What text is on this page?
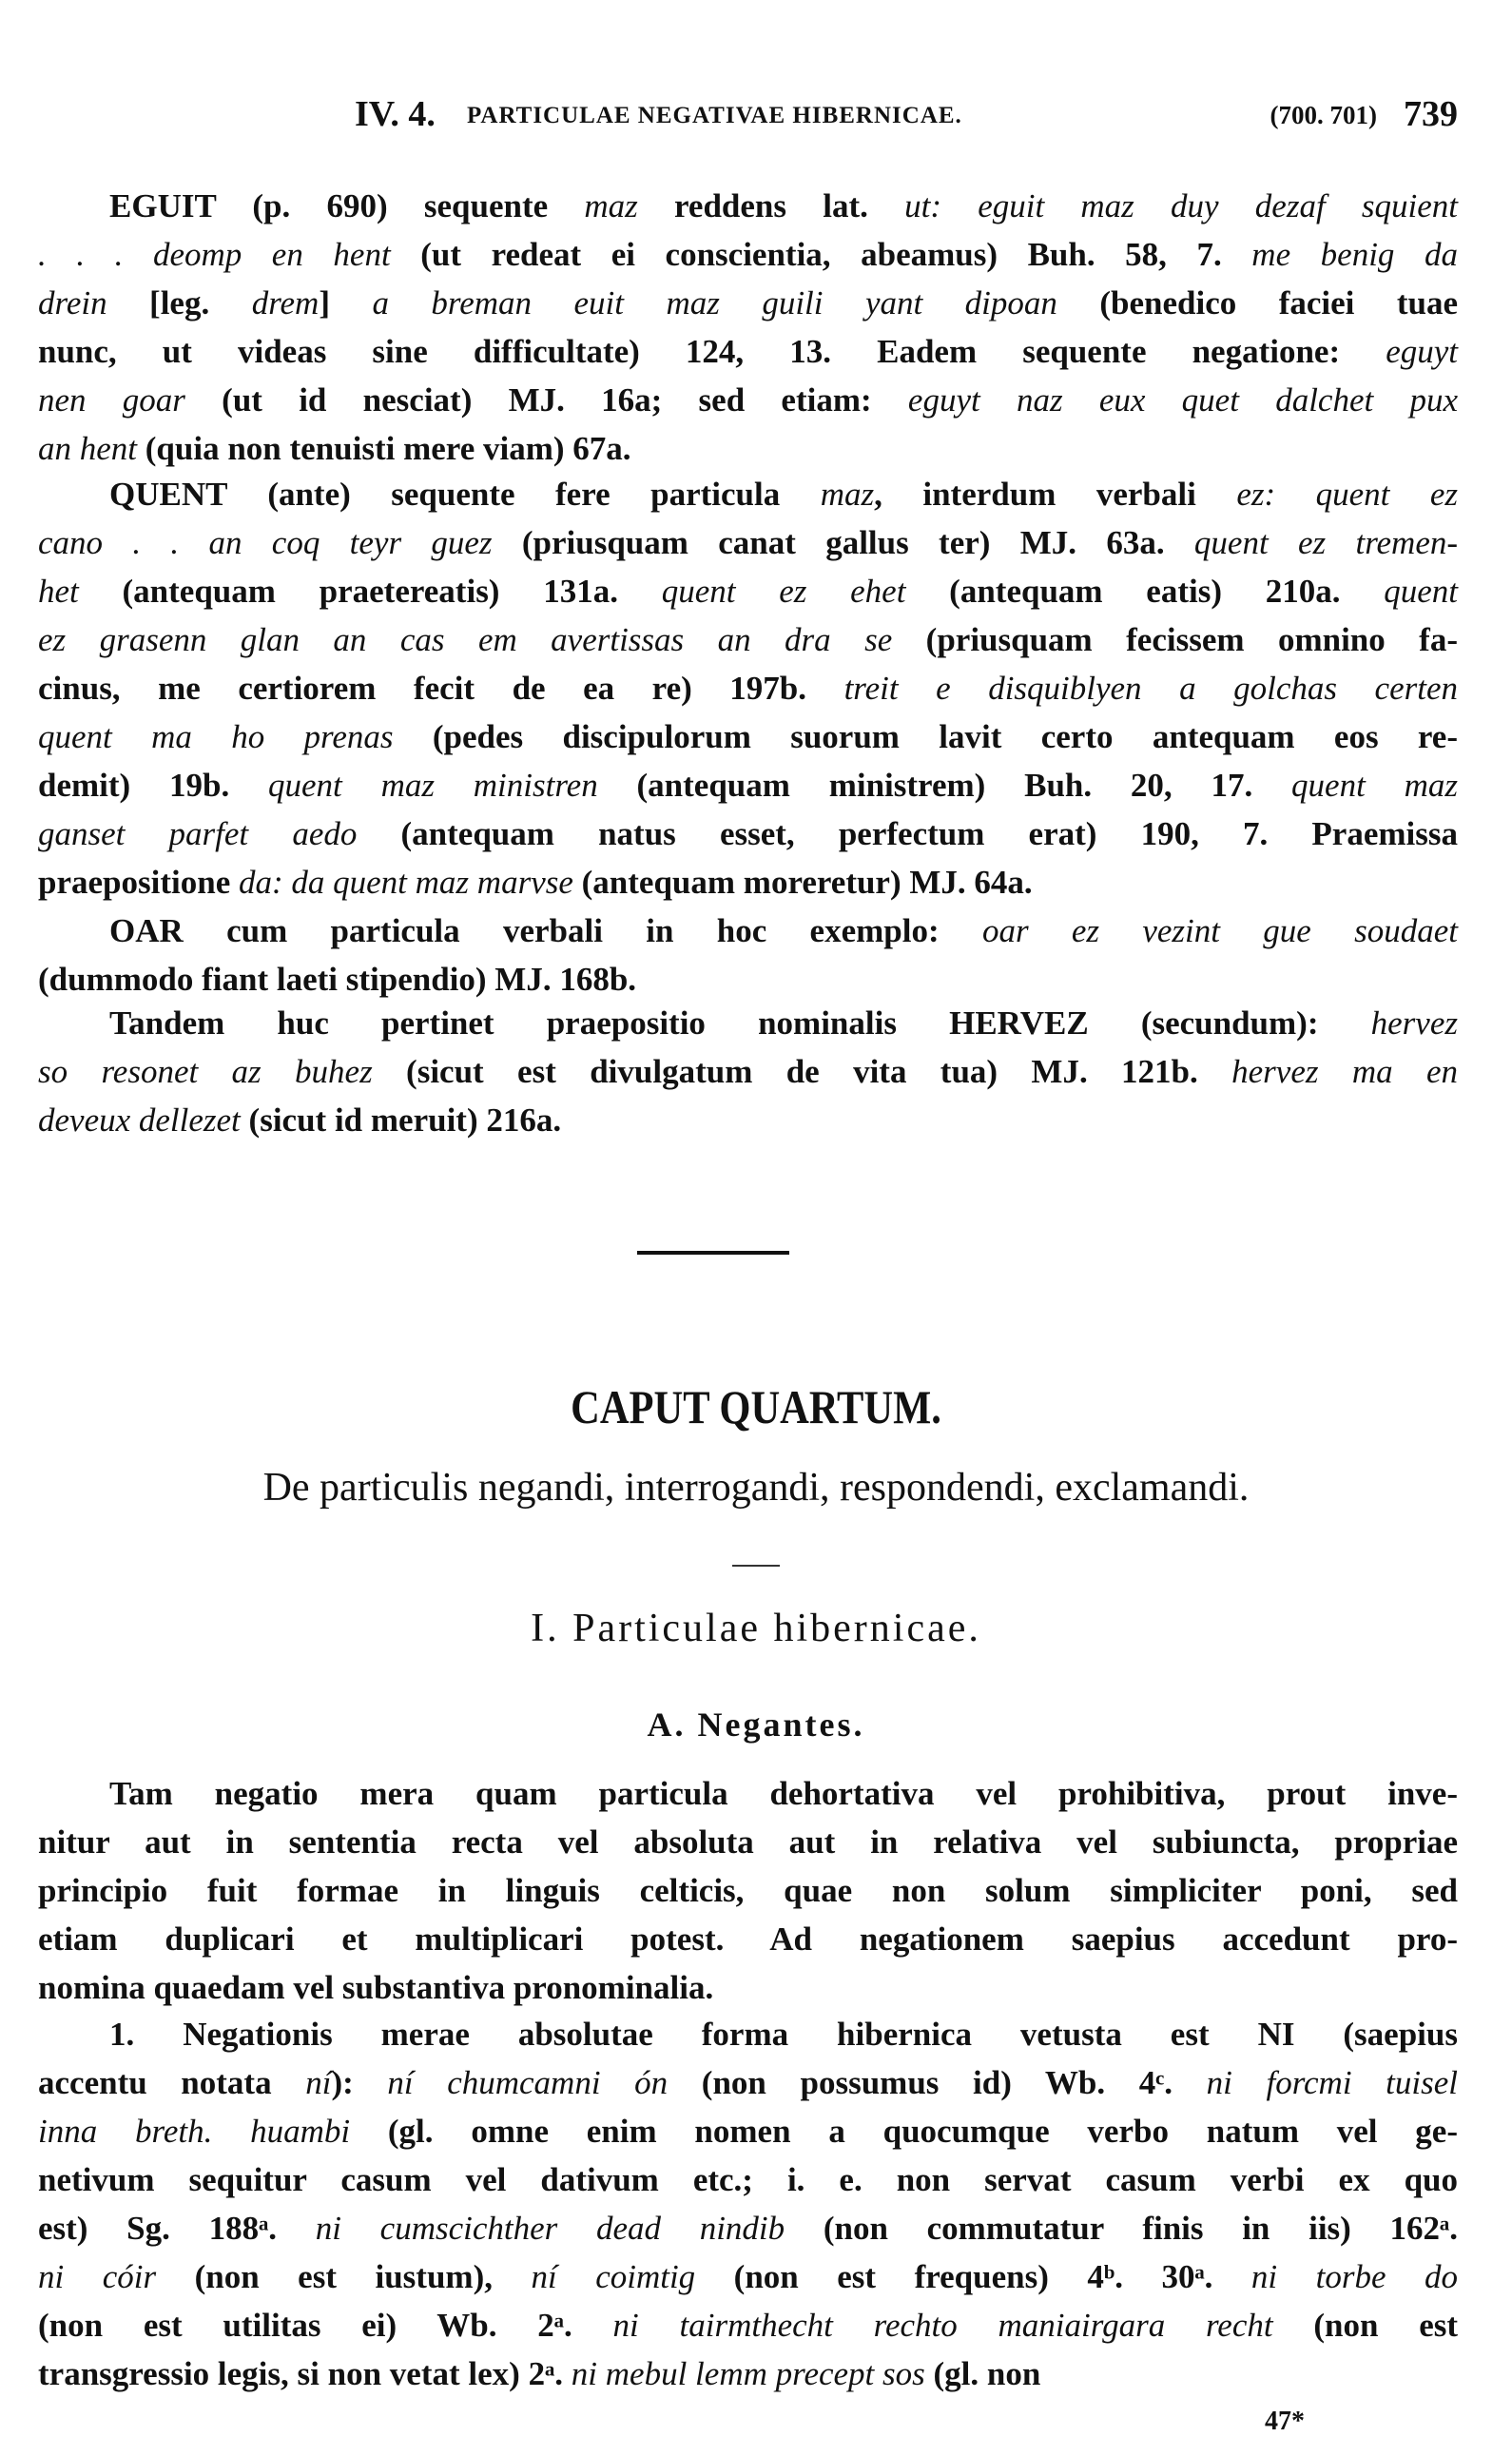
IV. 4. PARTICULAE NEGATIVAE HIBERNICAE.	(700. 701) 739
EGUIT (p. 690) sequente maz reddens lat. ut: eguit maz duy dezaf squient
. . . deomp en hent (ut redeat ei conscientia, abeamus) Buh. 58, 7. me benig da
drein [leg. drem] a breman euit maz guili yant dipoan (benedico faciei tuae
nunc, ut videas sine difficultate) 124, 13. Eadem sequente negatione: eguyt
nen goar (ut id nesciat) MJ. 16a; sed etiam: eguyt naz eux quet dalchet pux
an hent (quia non tenuisti mere viam) 67a.
QUENT (ante) sequente fere particula maz, interdum verbali ez: quent ez
cano . . an coq teyr guez (priusquam canat gallus ter) MJ. 63a. quent ez tremen-
het (antequam praetereatis) 131a. quent ez ehet (antequam eatis) 210a. quent
ez grasenn glan an cas em avertissas an dra se (priusquam fecissem omnino fa-
cinus, me certiorem fecit de ea re) 197b. treit e disquiblyen a golchas certen
quent ma ho prenas (pedes discipulorum suorum lavit certo antequam eos re-
demit) 19b. quent maz ministren (antequam ministrem) Buh. 20, 17. quent maz
ganset parfet aedo (antequam natus esset, perfectum erat) 190, 7. Praemissa
praepositione da: da quent maz marvse (antequam moreretur) MJ. 64a.
OAR cum particula verbali in hoc exemplo: oar ez vezint gue soudaet
(dummodo fiant laeti stipendio) MJ. 168b.
Tandem huc pertinet praepositio nominalis HERVEZ (secundum): hervez
so resonet az buhez (sicut est divulgatum de vita tua) MJ. 121b. hervez ma en
deveux dellezet (sicut id meruit) 216a.
CAPUT QUARTUM.
De particulis negandi, interrogandi, respondendi, exclamandi.
I. Particulae hibernicae.
A. Negantes.
Tam negatio mera quam particula dehortativa vel prohibitiva, prout inve-
nitur aut in sententia recta vel absoluta aut in relativa vel subiuncta, propriae
principio fuit formae in linguis celticis, quae non solum simpliciter poni, sed
etiam duplicari et multiplicari potest. Ad negationem saepius accedunt pro-
nomina quaedam vel substantiva pronominalia.
1. Negationis merae absolutae forma hibernica vetusta est NI (saepius
accentu notata ní): ní chumcamni ón (non possumus id) Wb. 4ᶜ. ni forcmi tuisel
inna breth. huambi (gl. omne enim nomen a quocumque verbo natum vel ge-
netivum sequitur casum vel dativum etc.; i. e. non servat casum verbi ex quo
est) Sg. 188ᵃ. ni cumscichther dead nindib (non commutatur finis in iis) 162ᵃ.
ni cóir (non est iustum), ní coimtig (non est frequens) 4ᵇ. 30ᵃ. ni torbe do
(non est utilitas ei) Wb. 2ᵃ. ni tairmthecht rechto maniairgara recht (non est
transgressio legis, si non vetat lex) 2ᵃ. ni mebul lemm precept sos (gl. non
47*
